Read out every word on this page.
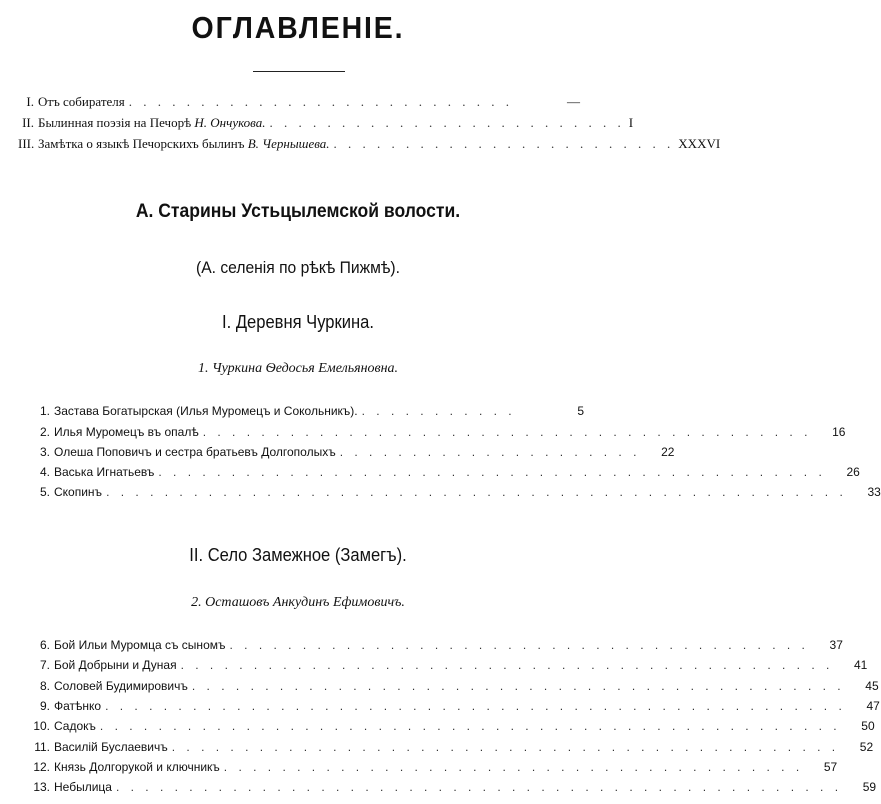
ОГЛАВЛЕНIЕ.
I. Отъ собирателя . . . . . . . . . . . . . . . . . . . . . . . . . . .	—
II. Былинная поэзiя на Печорѣ Н. Ончукова. . . . . . . . . . . . . . . . . . . . . . . . . . I
III. Замѣтка о языкѣ Печорскихъ былинъ В. Чернышева. . . . . . . . . . . . . . . . . . . . . . . . . XXXVI
А. Старины Устьцылемской волости.
(А. селенiя по рѣкѣ Пижмѣ).
I. Деревня Чуркина.
1. Чуркина Ѳедосья Емельяновна.
1. Застава Богатырская (Илья Муромецъ и Сокольникъ). . . . . . . . . . . .	5
2. Илья Муромецъ въ опалѣ . . . . . . . . . . . . . . . . . . . . . . . . . . . . . . . . . . . . . . . . . .	16
3. Олеша Поповичъ и сестра братьевъ Долгополыхъ . . . . . . . . . . . . . . . . . . . . .	22
4. Васька Игнатьевъ . . . . . . . . . . . . . . . . . . . . . . . . . . . . . . . . . . . . . . . . . . . . . .	26
5. Скопинъ . . . . . . . . . . . . . . . . . . . . . . . . . . . . . . . . . . . . . . . . . . . . . . . . . . .	33
II. Село Замежное (Замегъ).
2. Осташовъ Анкудинъ Ефимовичъ.
6. Бой Ильи Муромца съ сыномъ . . . . . . . . . . . . . . . . . . . . . . . . . . . . . . . . . . . . . . . .	37
7. Бой Добрыни и Дуная . . . . . . . . . . . . . . . . . . . . . . . . . . . . . . . . . . . . . . . . . . . . .	41
8. Соловей Будимировичъ . . . . . . . . . . . . . . . . . . . . . . . . . . . . . . . . . . . . . . . . . . . . .	45
9. Фатѣнко . . . . . . . . . . . . . . . . . . . . . . . . . . . . . . . . . . . . . . . . . . . . . . . . . . .	47
10. Садокъ . . . . . . . . . . . . . . . . . . . . . . . . . . . . . . . . . . . . . . . . . . . . . . . . . . .	50
11. Василiй Буслаевичъ . . . . . . . . . . . . . . . . . . . . . . . . . . . . . . . . . . . . . . . . . . . . . .	52
12. Князь Долгорукой и ключникъ . . . . . . . . . . . . . . . . . . . . . . . . . . . . . . . . . . . . . . . .	57
13. Небылица . . . . . . . . . . . . . . . . . . . . . . . . . . . . . . . . . . . . . . . . . . . . . . . . . .	59
